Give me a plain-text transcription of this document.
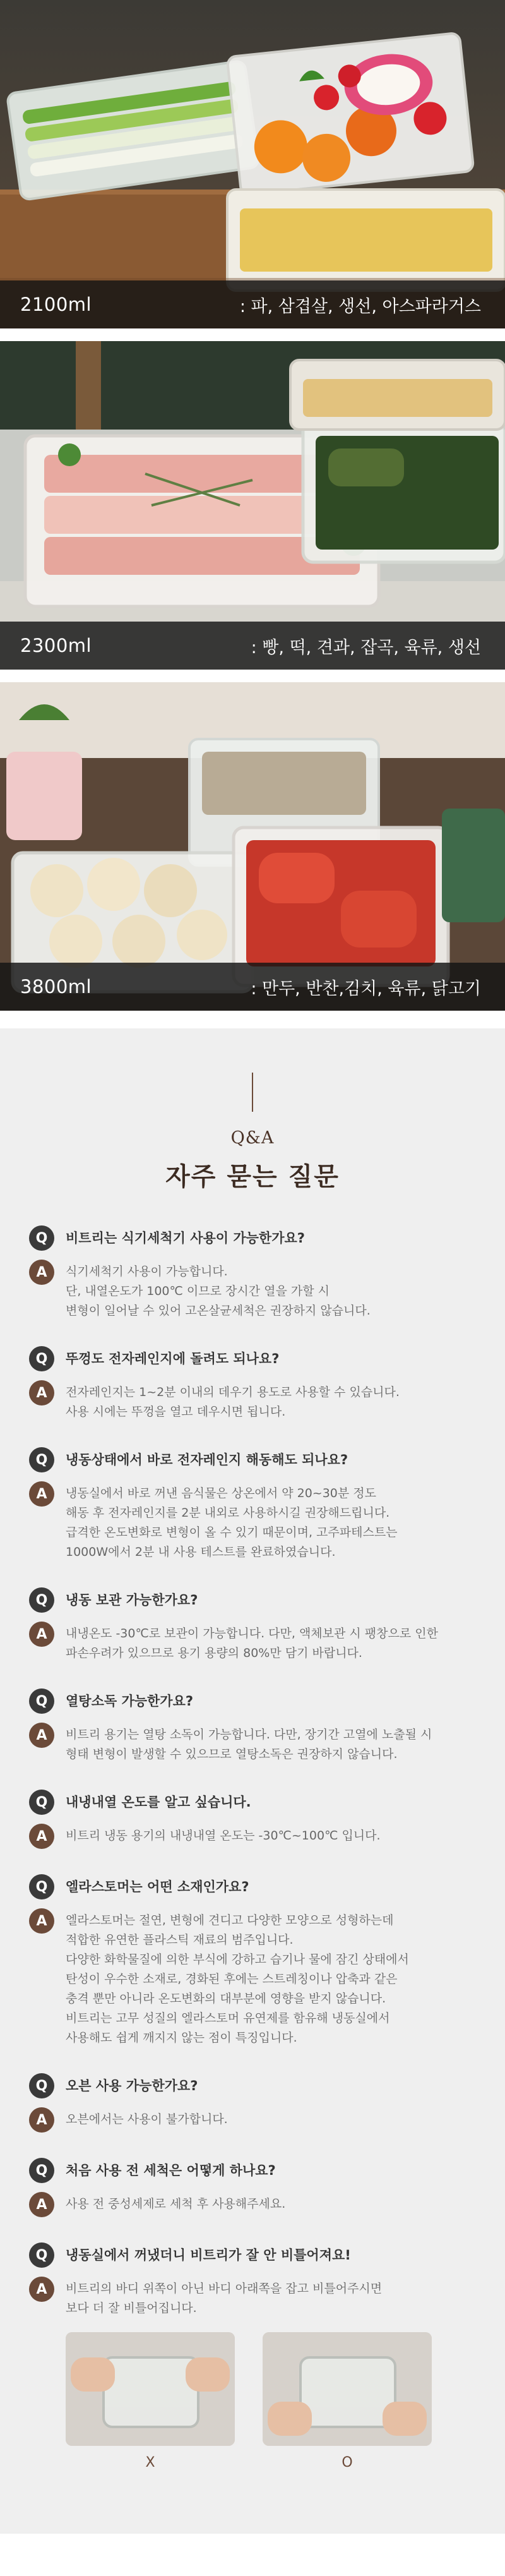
2100ml	: 파, 삼겹살, 생선, 아스파라거스
2300ml	: 빵, 떡, 견과, 잡곡, 육류, 생선
3800ml	: 만두, 반찬,김치, 육류, 닭고기
Q&A
자주 묻는 질문
Q	비트리는 식기세척기 사용이 가능한가요?
A	식기세척기 사용이 가능합니다.

단, 내열온도가 100℃ 이므로 장시간 열을 가할 시

변형이 일어날 수 있어 고온살균세척은 권장하지 않습니다.

Q	뚜껑도 전자레인지에 돌려도 되나요?
A	전자레인지는 1~2분 이내의 데우기 용도로 사용할 수 있습니다.

사용 시에는 뚜껑을 열고 데우시면 됩니다.

Q	냉동상태에서 바로 전자레인지 해동해도 되나요?
A	냉동실에서 바로 꺼낸 음식물은 상온에서 약 20~30분 정도

해동 후 전자레인지를 2분 내외로 사용하시길 권장해드립니다.

급격한 온도변화로 변형이 올 수 있기 때문이며, 고주파테스트는

1000W에서 2분 내 사용 테스트를 완료하였습니다.

Q	냉동 보관 가능한가요?
A	내냉온도 -30℃로 보관이 가능합니다. 다만, 액체보관 시 팽창으로 인한

파손우려가 있으므로 용기 용량의 80%만 담기 바랍니다.

Q	열탕소독 가능한가요?
A	비트리 용기는 열탕 소독이 가능합니다. 다만, 장기간 고열에 노출될 시

형태 변형이 발생할 수 있으므로 열탕소독은 권장하지 않습니다.

Q	내냉내열 온도를 알고 싶습니다.
A	비트리 냉동 용기의 내냉내열 온도는 -30℃~100℃ 입니다.

Q	엘라스토머는 어떤 소재인가요?
A	엘라스토머는 절연, 변형에 견디고 다양한 모양으로 성형하는데

적합한 유연한 플라스틱 재료의 범주입니다.

다양한 화학물질에 의한 부식에 강하고 습기나 물에 잠긴 상태에서

탄성이 우수한 소재로, 경화된 후에는 스트레칭이나 압축과 같은

충격 뿐만 아니라 온도변화의 대부분에 영향을 받지 않습니다.

비트리는 고무 성질의 엘라스토머 유연제를 함유해 냉동실에서

사용해도 쉽게 깨지지 않는 점이 특징입니다.

Q	오븐 사용 가능한가요?
A	오븐에서는 사용이 불가합니다.

Q	처음 사용 전 세척은 어떻게 하나요?
A	사용 전 중성세제로 세척 후 사용해주세요.

Q	냉동실에서 꺼냈더니 비트리가 잘 안 비틀어져요!
A	비트리의 바디 위쪽이 아닌 바디 아래쪽을 잡고 비틀어주시면

보다 더 잘 비틀어집니다.

X	O
